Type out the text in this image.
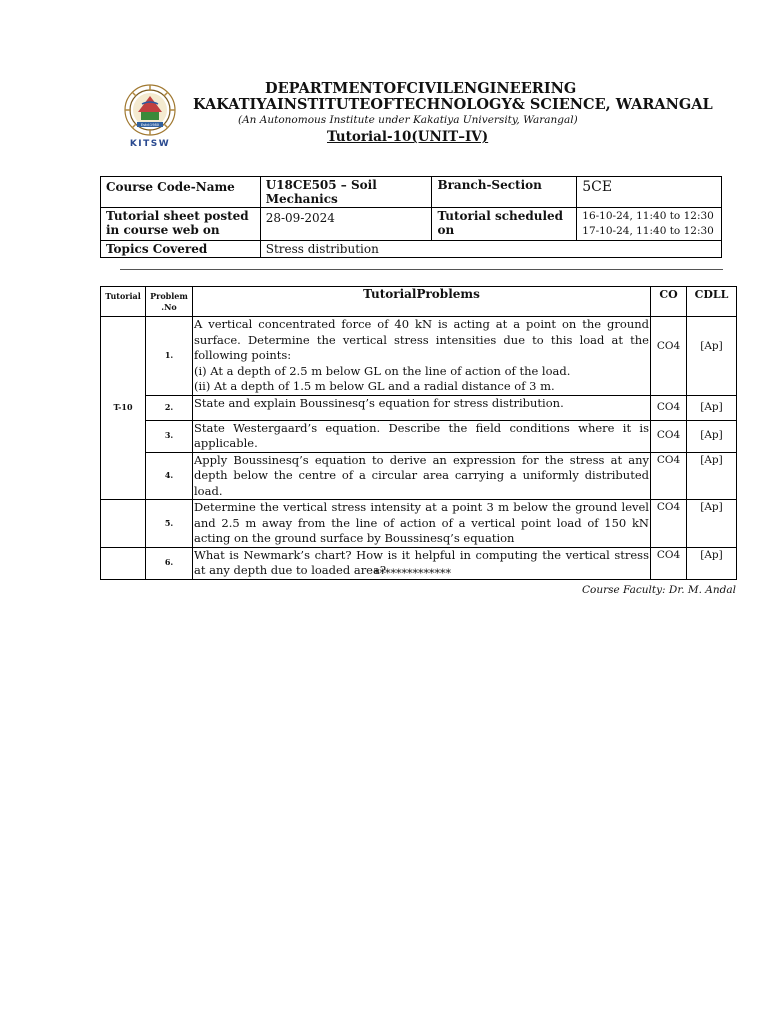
Estd:1980
KITSW
DEPARTMENTOFCIVILENGINEERING
KAKATIYAINSTITUTEOFTECHNOLOGY& SCIENCE, WARANGAL
(An Autonomous Institute under Kakatiya University, Warangal)
Tutorial-10(UNIT–IV)
Course Code-Name	U18CE505 – Soil Mechanics	Branch-Section	5CE
Tutorial sheet posted in course web on	28-09-2024	Tutorial scheduled on	16-10-24, 11:40 to 12:30
17-10-24, 11:40 to 12:30

Topics Covered	Stress distribution		
Tutorial	Problem .No	TutorialProblems	CO	CDLL
T-10	1.	A vertical concentrated force of 40 kN is acting at a point on the ground surface. Determine the vertical stress intensities due to this load at the following points:

(i) At a depth of 2.5 m below GL on the line of action of the load.

(ii) At a depth of 1.5 m below GL and a radial distance of 3 m.	CO4	[Ap]
	2.	State and explain Boussinesq’s equation for stress distribution.	CO4	[Ap]
	3.	State Westergaard’s equation. Describe the field conditions where it is applicable.	CO4	[Ap]
	4.	Apply Boussinesq’s equation to derive an expression for the stress at any depth below the centre of a circular area carrying a uniformly distributed load.	CO4	[Ap]
	5.	Determine the vertical stress intensity at a point 3 m below the ground level and 2.5 m away from the line of action of a vertical point load of 150 kN acting on the ground surface by Boussinesq’s equation	CO4	[Ap]
	6.	What is Newmark’s chart? How is it helpful in computing the vertical stress at any depth due to loaded area?	CO4	[Ap]
**************
Course Faculty: Dr. M. Andal
